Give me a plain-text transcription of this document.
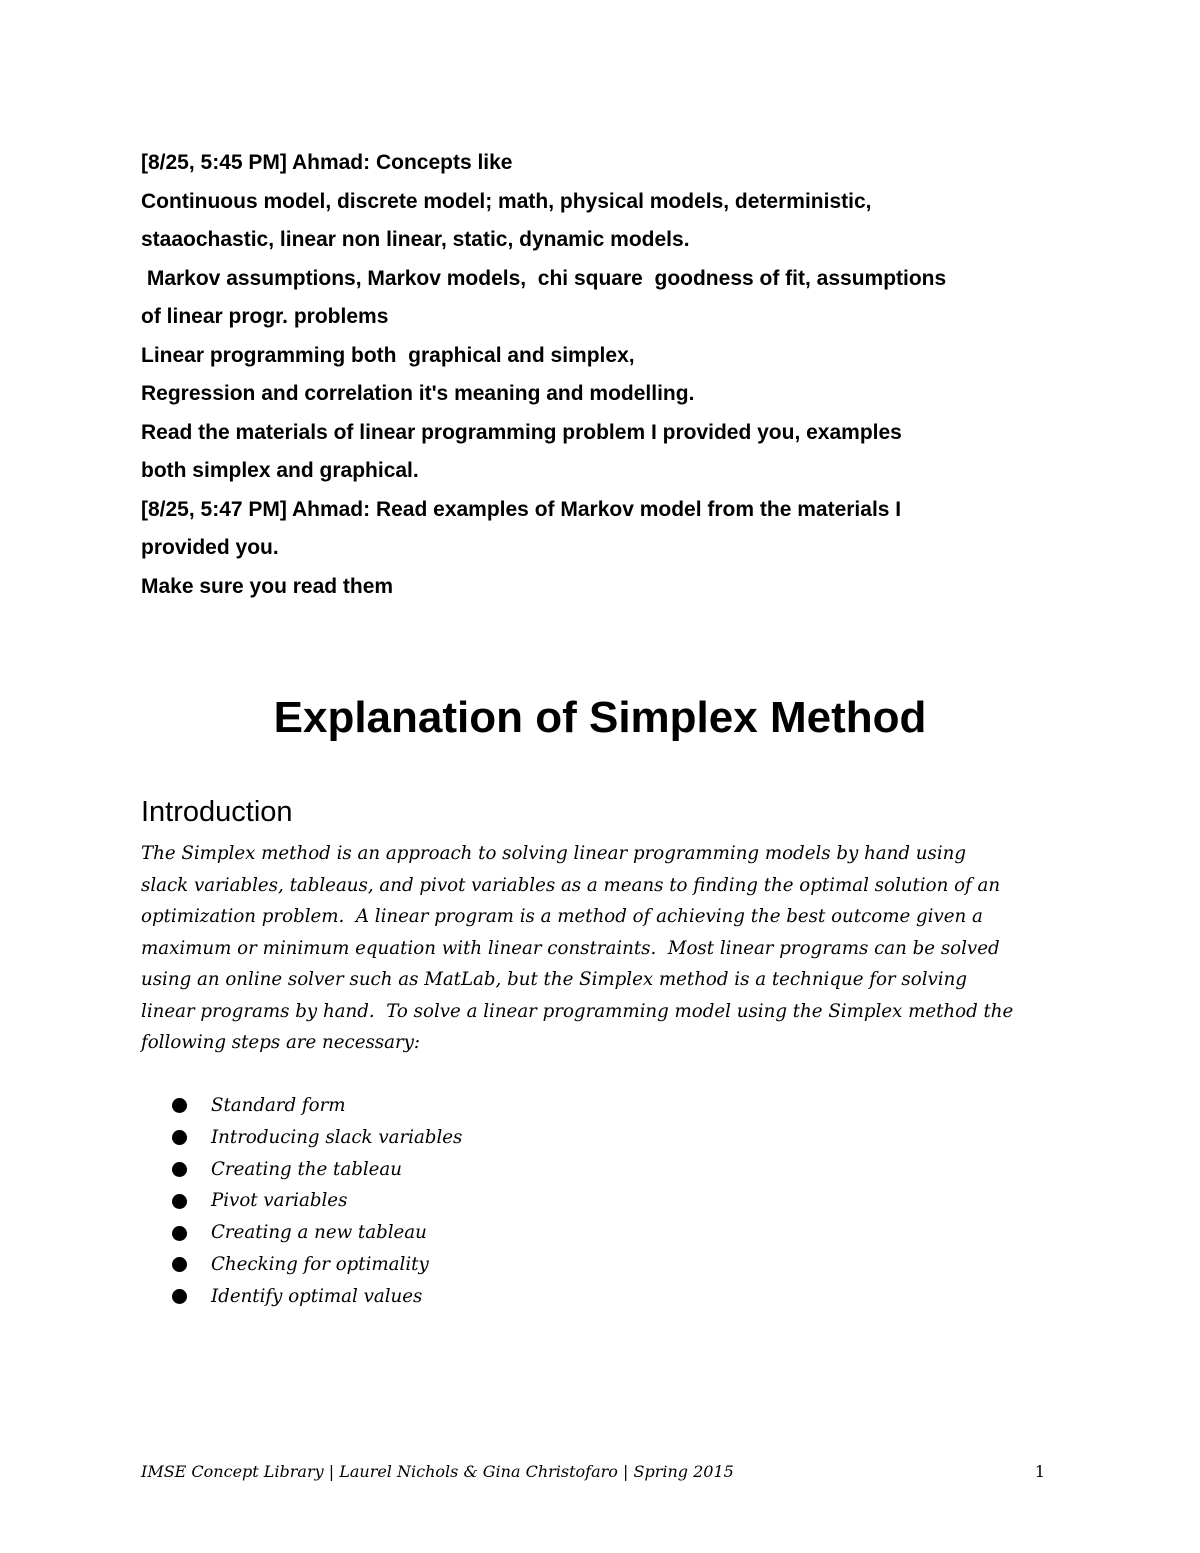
[8/25, 5:45 PM] Ahmad: Concepts like
Continuous model, discrete model; math, physical models, deterministic,
staaochastic, linear non linear, static, dynamic models.
Markov assumptions, Markov models,  chi square  goodness of fit, assumptions
of linear progr. problems
Linear programming both  graphical and simplex,
Regression and correlation it's meaning and modelling.
Read the materials of linear programming problem I provided you, examples
both simplex and graphical.
[8/25, 5:47 PM] Ahmad: Read examples of Markov model from the materials I
provided you.
Make sure you read them
Explanation of Simplex Method
Introduction
The Simplex method is an approach to solving linear programming models by hand using
slack variables, tableaus, and pivot variables as a means to finding the optimal solution of an
optimization problem.  A linear program is a method of achieving the best outcome given a
maximum or minimum equation with linear constraints.  Most linear programs can be solved
using an online solver such as MatLab, but the Simplex method is a technique for solving
linear programs by hand.  To solve a linear programming model using the Simplex method the
following steps are necessary:
Standard form
Introducing slack variables
Creating the tableau
Pivot variables
Creating a new tableau
Checking for optimality
Identify optimal values
IMSE Concept Library | Laurel Nichols & Gina Christofaro | Spring 2015	1
